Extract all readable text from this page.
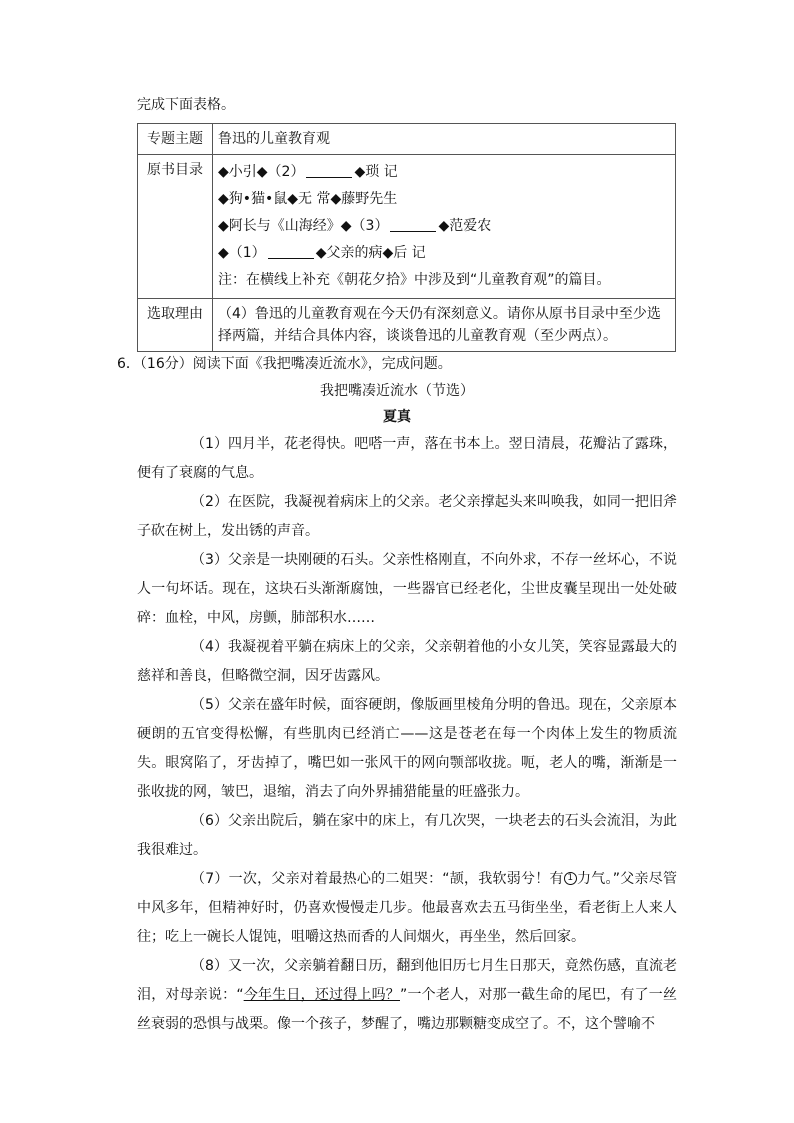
完成下面表格。
专题主题	鲁迅的儿童教育观
原书目录	◆小引◆（2） ◆琐 记
◆狗•猫•鼠◆无 常◆藤野先生
◆阿长与《山海经》◆（3） ◆范爱农
◆（1） ◆父亲的病◆后 记
注：在横线上补充《朝花夕拾》中涉及到“儿童教育观”的篇目。

选取理由	（4）鲁迅的儿童教育观在今天仍有深刻意义。请你从原书目录中至少选择两篇，并结合具体内容，谈谈鲁迅的儿童教育观（至少两点）。
6．（16分）阅读下面《我把嘴凑近流水》，完成问题。
我把嘴凑近流水（节选）
夏真

（1）四月半，花老得快。吧嗒一声，落在书本上。翌日清晨，花瓣沾了露珠，便有了衰腐的气息。

（2）在医院，我凝视着病床上的父亲。老父亲撑起头来叫唤我，如同一把旧斧子砍在树上，发出锈的声音。

（3）父亲是一块刚硬的石头。父亲性格刚直，不向外求，不存一丝坏心，不说人一句坏话。现在，这块石头渐渐腐蚀，一些器官已经老化，尘世皮囊呈现出一处处破碎：血栓，中风，房颤，肺部积水……

（4）我凝视着平躺在病床上的父亲，父亲朝着他的小女儿笑，笑容显露最大的慈祥和善良，但略微空洞，因牙齿露风。

（5）父亲在盛年时候，面容硬朗，像版画里棱角分明的鲁迅。现在，父亲原本硬朗的五官变得松懈，有些肌肉已经消亡——这是苍老在每一个肉体上发生的物质流失。眼窝陷了，牙齿掉了，嘴巴如一张风干的网向颚部收拢。呃，老人的嘴，渐渐是一张收拢的网，皱巴，退缩，消去了向外界捕猎能量的旺盛张力。

（6）父亲出院后，躺在家中的床上，有几次哭，一块老去的石头会流泪，为此我很难过。

（7）一次，父亲对着最热心的二姐哭：“颉，我软弱兮！有 1 力气。”父亲尽管中风多年，但精神好时，仍喜欢慢慢走几步。他最喜欢去五马街坐坐，看老街上人来人往；吃上一碗长人馄饨，咀嚼这热而香的人间烟火，再坐坐，然后回家。

（8）又一次，父亲躺着翻日历，翻到他旧历七月生日那天，竟然伤感，直流老泪，对母亲说：“今年生日，还过得上吗？”一个老人，对那一截生命的尾巴，有了一丝丝衰弱的恐惧与战栗。像一个孩子，梦醒了，嘴边那颗糖变成空了。不，这个譬喻不
